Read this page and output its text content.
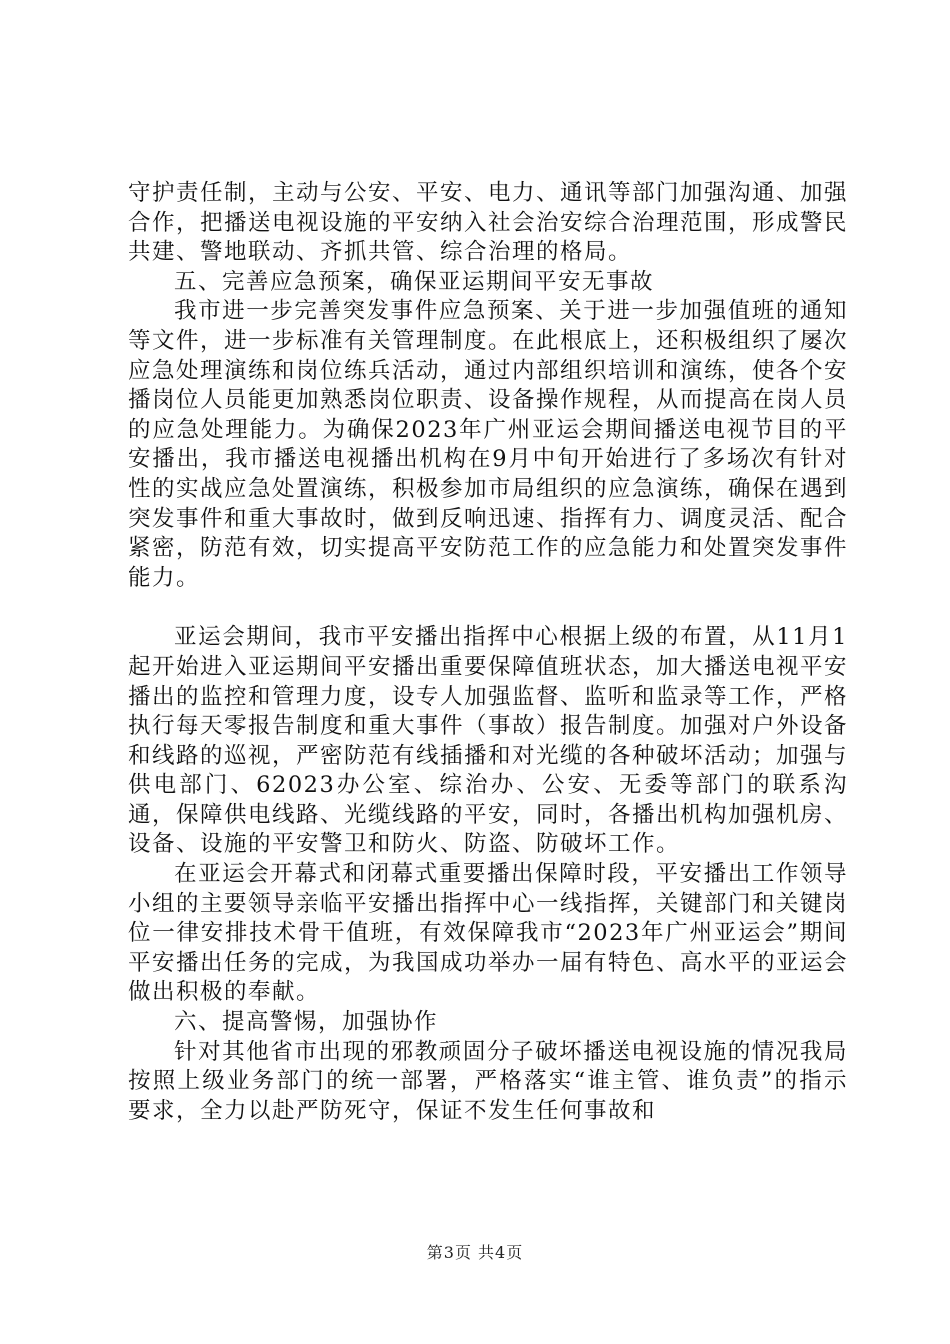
守护责任制，主动与公安、平安、电力、通讯等部门加强沟通、加强合作，把播送电视设施的平安纳入社会治安综合治理范围，形成警民共建、警地联动、齐抓共管、综合治理的格局。

五、完善应急预案，确保亚运期间平安无事故

我市进一步完善突发事件应急预案、关于进一步加强值班的通知等文件，进一步标准有关管理制度。在此根底上，还积极组织了屡次应急处理演练和岗位练兵活动，通过内部组织培训和演练，使各个安播岗位人员能更加熟悉岗位职责、设备操作规程，从而提高在岗人员的应急处理能力。为确保2023年广州亚运会期间播送电视节目的平安播出，我市播送电视播出机构在9月中旬开始进行了多场次有针对性的实战应急处置演练，积极参加市局组织的应急演练，确保在遇到突发事件和重大事故时，做到反响迅速、指挥有力、调度灵活、配合紧密，防范有效，切实提高平安防范工作的应急能力和处置突发事件能力。

亚运会期间，我市平安播出指挥中心根据上级的布置，从11月1起开始进入亚运期间平安播出重要保障值班状态，加大播送电视平安播出的监控和管理力度，设专人加强监督、监听和监录等工作，严格执行每天零报告制度和重大事件（事故）报告制度。加强对户外设备和线路的巡视，严密防范有线插播和对光缆的各种破坏活动；加强与供电部门、62023办公室、综治办、公安、无委等部门的联系沟通，保障供电线路、光缆线路的平安，同时，各播出机构加强机房、设备、设施的平安警卫和防火、防盗、防破坏工作。

在亚运会开幕式和闭幕式重要播出保障时段，平安播出工作领导小组的主要领导亲临平安播出指挥中心一线指挥，关键部门和关键岗位一律安排技术骨干值班，有效保障我市“2023年广州亚运会”期间平安播出任务的完成，为我国成功举办一届有特色、高水平的亚运会做出积极的奉献。

六、提高警惕，加强协作

针对其他省市出现的邪教顽固分子破坏播送电视设施的情况我局按照上级业务部门的统一部署，严格落实“谁主管、谁负责”的指示要求，全力以赴严防死守，保证不发生任何事故和

第3页 共4页
